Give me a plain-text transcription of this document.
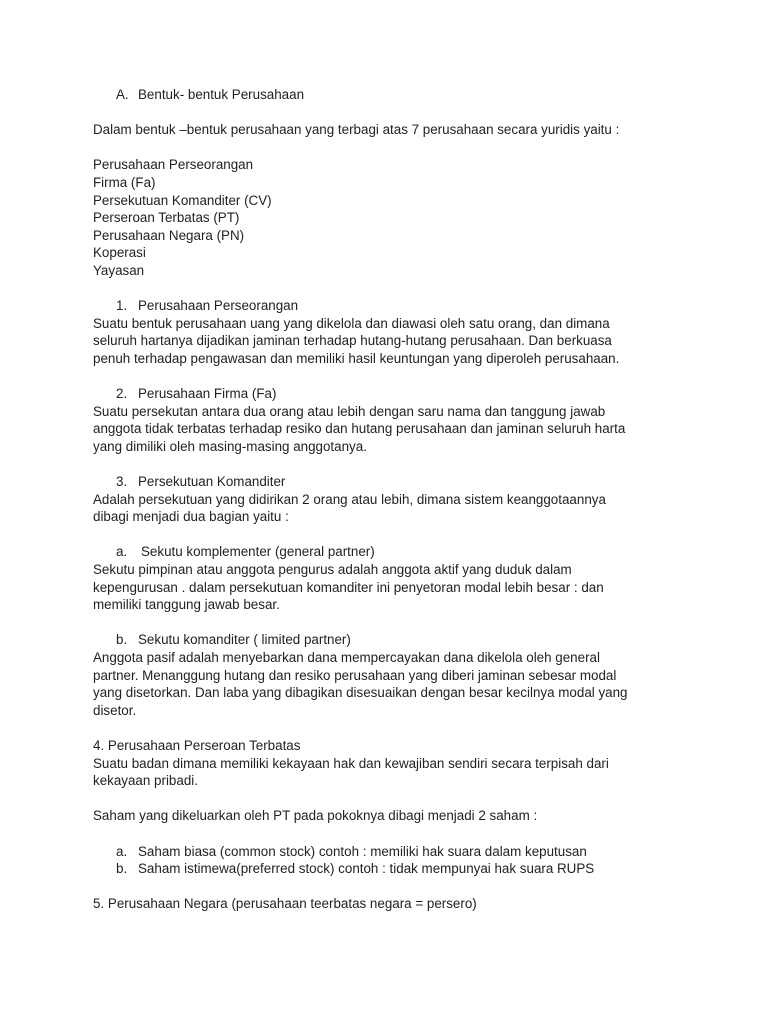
A. Bentuk- bentuk Perusahaan
Dalam bentuk –bentuk perusahaan yang terbagi atas 7 perusahaan secara yuridis yaitu :
Perusahaan Perseorangan
Firma (Fa)
Persekutuan Komanditer (CV)
Perseroan Terbatas (PT)
Perusahaan Negara (PN)
Koperasi
Yayasan
1. Perusahaan Perseorangan
Suatu bentuk perusahaan uang yang dikelola dan diawasi oleh satu orang, dan dimana
seluruh hartanya dijadikan jaminan terhadap hutang-hutang perusahaan. Dan berkuasa
penuh terhadap pengawasan dan memiliki hasil keuntungan yang diperoleh perusahaan.
2. Perusahaan Firma (Fa)
Suatu persekutan antara dua orang atau lebih dengan saru nama dan tanggung jawab
anggota tidak terbatas terhadap resiko dan hutang perusahaan dan jaminan seluruh harta
yang dimiliki oleh masing-masing anggotanya.
3. Persekutuan Komanditer
Adalah persekutuan yang didirikan 2 orang atau lebih, dimana sistem keanggotaannya
dibagi menjadi dua bagian yaitu :
a. Sekutu komplementer (general partner)
Sekutu pimpinan atau anggota pengurus adalah anggota aktif yang duduk dalam
kepengurusan . dalam persekutuan komanditer ini penyetoran modal lebih besar : dan
memiliki tanggung jawab besar.
b. Sekutu komanditer ( limited partner)
Anggota pasif adalah menyebarkan dana mempercayakan dana dikelola oleh general
partner. Menanggung hutang dan resiko perusahaan yang diberi jaminan sebesar modal
yang disetorkan. Dan laba yang dibagikan disesuaikan dengan besar kecilnya modal yang
disetor.
4. Perusahaan Perseroan Terbatas
Suatu badan dimana memiliki kekayaan hak dan kewajiban sendiri secara terpisah dari
kekayaan pribadi.
Saham yang dikeluarkan oleh PT pada pokoknya dibagi menjadi 2 saham :
a. Saham biasa (common stock) contoh : memiliki hak suara dalam keputusan
b. Saham istimewa(preferred stock) contoh : tidak mempunyai hak suara RUPS
5. Perusahaan Negara (perusahaan teerbatas negara = persero)
